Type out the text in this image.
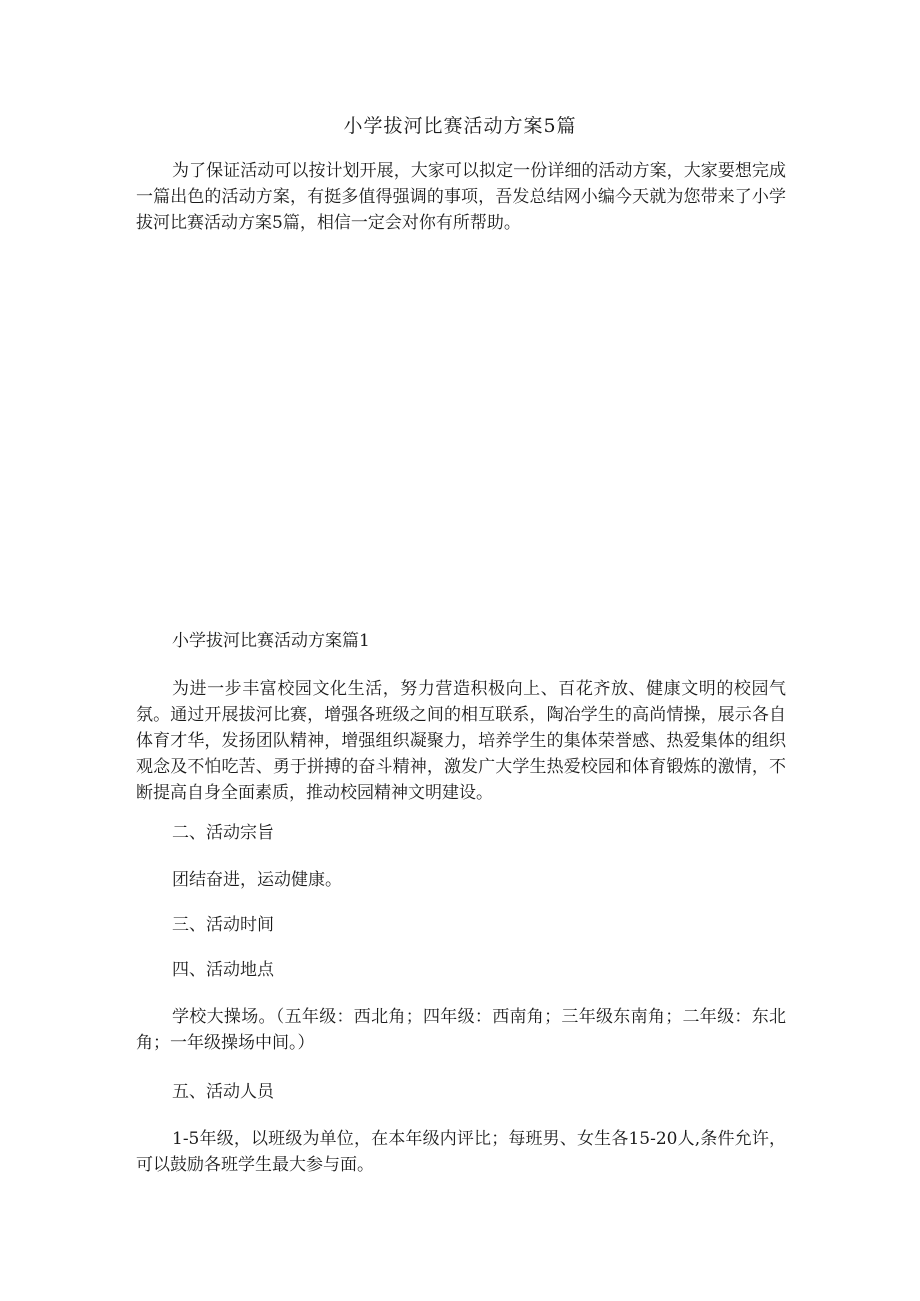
小学拔河比赛活动方案5篇

为了保证活动可以按计划开展，大家可以拟定一份详细的活动方案，大家要想完成一篇出色的活动方案，有挺多值得强调的事项，吾发总结网小编今天就为您带来了小学拔河比赛活动方案5篇，相信一定会对你有所帮助。

小学拔河比赛活动方案篇1

为进一步丰富校园文化生活，努力营造积极向上、百花齐放、健康文明的校园气氛。通过开展拔河比赛，增强各班级之间的相互联系，陶冶学生的高尚情操，展示各自体育才华，发扬团队精神，增强组织凝聚力，培养学生的集体荣誉感、热爱集体的组织观念及不怕吃苦、勇于拼搏的奋斗精神，激发广大学生热爱校园和体育锻炼的激情，不断提高自身全面素质，推动校园精神文明建设。

二、活动宗旨

团结奋进，运动健康。

三、活动时间

四、活动地点

学校大操场。（五年级：西北角；四年级：西南角；三年级东南角；二年级：东北角；一年级操场中间。）

五、活动人员

1-5年级，以班级为单位，在本年级内评比；每班男、女生各15-20人,条件允许，可以鼓励各班学生最大参与面。
